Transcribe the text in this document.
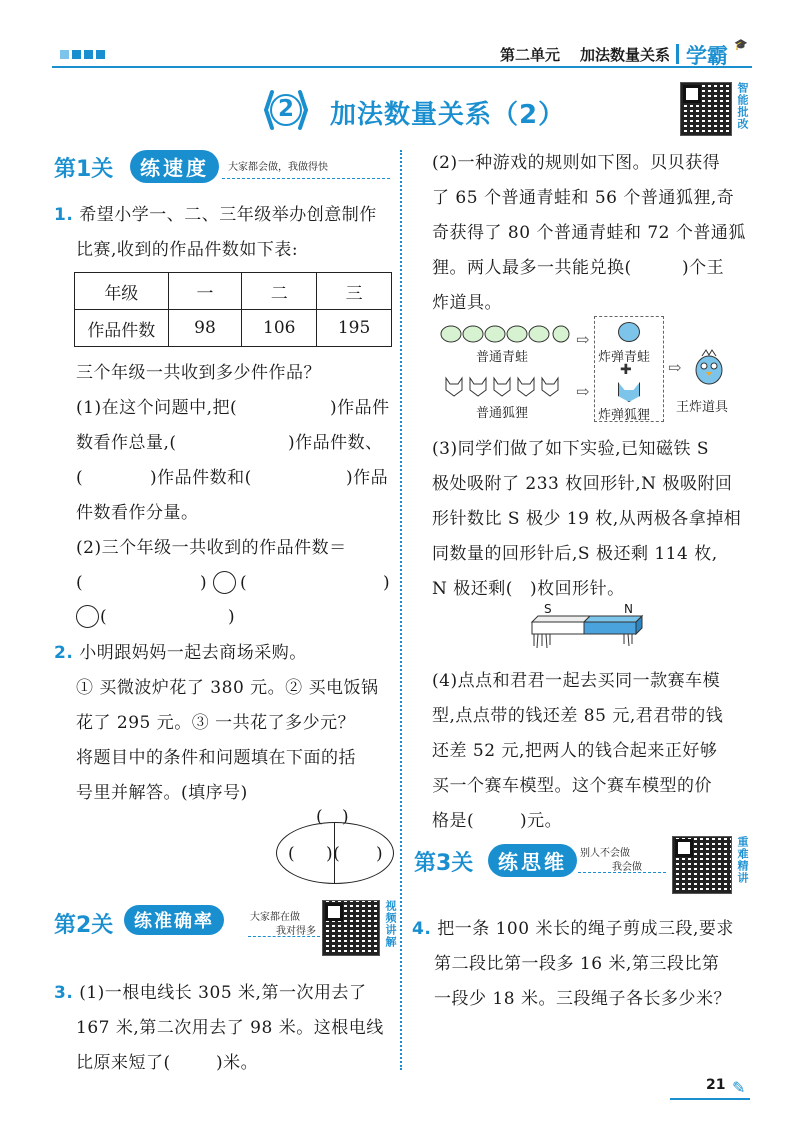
第二单元 加法数量关系 学霸 🎓
2	加法数量关系（2）	智能批改
第1关	练速度	大家都会做，我做得快
1. 希望小学一、二、三年级举办创意制作
比赛,收到的作品件数如下表:
年级	一	二	三
作品件数	98	106	195
三个年级一共收到多少件作品？
(1)在这个问题中,把(	)作品件
数看作总量,(	)作品件数、
(	)作品件数和(	)作品
件数看作分量。
(2)三个年级一共收到的作品件数＝
(	) (	)
(	)
2. 小明跟妈妈一起去商场采购。
① 买微波炉花了 380 元。② 买电饭锅
花了 295 元。③ 一共花了多少元？
将题目中的条件和问题填在下面的括
号里并解答。(填序号)
( )
( )( )
第2关	练准确率	大家都在做
我对得多	视频讲解
3. (1)一根电线长 305 米,第一次用去了
167 米,第二次用去了 98 米。这根电线
比原来短了(	)米。
(2)一种游戏的规则如下图。贝贝获得
了 65 个普通青蛙和 56 个普通狐狸,奇
奇获得了 80 个普通青蛙和 72 个普通狐
狸。两人最多一共能兑换(	)个王
炸道具。
普通青蛙
普通狐狸
⇨
⇨
炸弹青蛙
✚
炸弹狐狸
⇨
王炸道具
(3)同学们做了如下实验,已知磁铁 S
极处吸附了 233 枚回形针,N 极吸附回
形针数比 S 极少 19 枚,从两极各拿掉相
同数量的回形针后,S 极还剩 114 枚,
N 极还剩( )枚回形针。
S	N
(4)点点和君君一起去买同一款赛车模
型,点点带的钱还差 85 元,君君带的钱
还差 52 元,把两人的钱合起来正好够
买一个赛车模型。这个赛车模型的价
格是(	)元。
第3关	练思维	别人不会做
我会做	重难精讲
4. 把一条 100 米长的绳子剪成三段,要求
第二段比第一段多 16 米,第三段比第
一段少 18 米。三段绳子各长多少米？
21 ✎
